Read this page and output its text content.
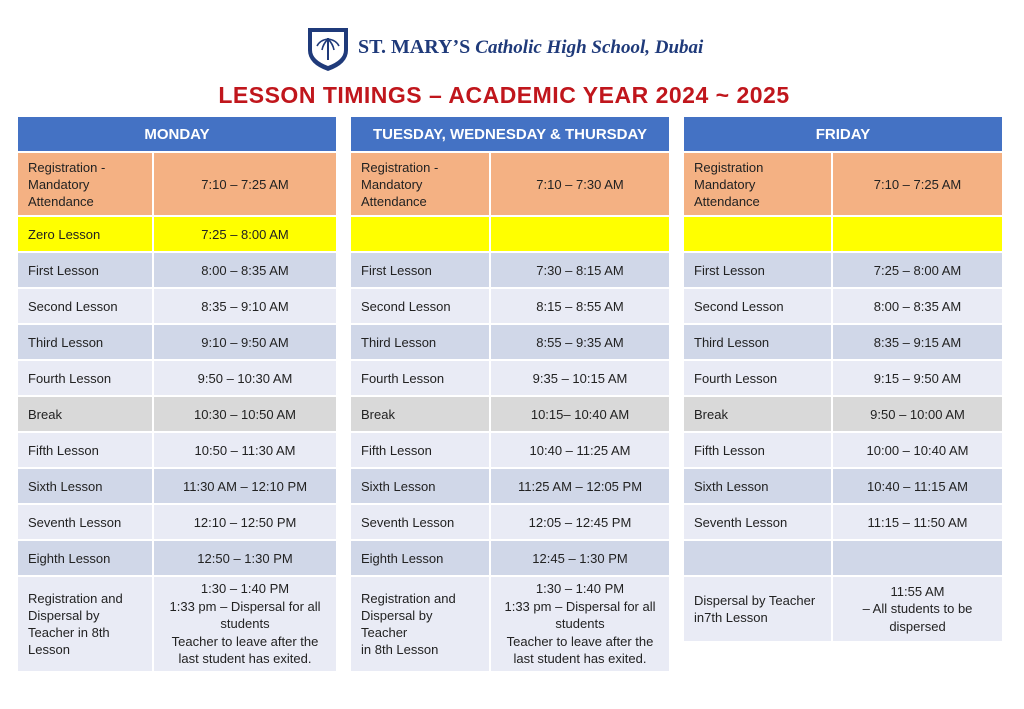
ST. MARY’S Catholic High School, Dubai
LESSON TIMINGS – ACADEMIC YEAR 2024 ~ 2025
MONDAY	
Registration -
Mandatory
Attendance	7:10 – 7:25 AM
Zero Lesson	7:25 – 8:00 AM
First Lesson	8:00 – 8:35 AM
Second Lesson	8:35 – 9:10 AM
Third Lesson	9:10 – 9:50 AM
Fourth Lesson	9:50 – 10:30 AM
Break	10:30 – 10:50 AM
Fifth Lesson	10:50 – 11:30 AM
Sixth Lesson	11:30 AM – 12:10 PM
Seventh Lesson	12:10 – 12:50 PM
Eighth Lesson	12:50 – 1:30 PM
Registration and
Dispersal by
Teacher in 8th
Lesson	1:30 – 1:40 PM
1:33 pm – Dispersal for all
students
Teacher to leave after the
last student has exited.
TUESDAY, WEDNESDAY & THURSDAY	
Registration -
Mandatory
Attendance	7:10 – 7:30 AM

First Lesson	7:30 – 8:15 AM
Second Lesson	8:15 – 8:55 AM
Third Lesson	8:55 – 9:35 AM
Fourth Lesson	9:35 – 10:15 AM
Break	10:15– 10:40 AM
Fifth Lesson	10:40 – 11:25 AM
Sixth Lesson	11:25 AM – 12:05 PM
Seventh Lesson	12:05 – 12:45 PM
Eighth Lesson	12:45 – 1:30 PM
Registration and
Dispersal by Teacher
in 8th Lesson	1:30 – 1:40 PM
1:33 pm – Dispersal for all
students
Teacher to leave after the
last student has exited.
FRIDAY	
Registration
Mandatory
Attendance	7:10 – 7:25 AM

First Lesson	7:25 – 8:00 AM
Second Lesson	8:00 – 8:35 AM
Third Lesson	8:35 – 9:15 AM
Fourth Lesson	9:15 – 9:50 AM
Break	9:50 – 10:00 AM
Fifth Lesson	10:00 – 10:40 AM
Sixth Lesson	10:40 – 11:15 AM
Seventh Lesson	11:15 – 11:50 AM

Dispersal by Teacher
in7th Lesson	11:55 AM
– All students to be
dispersed
